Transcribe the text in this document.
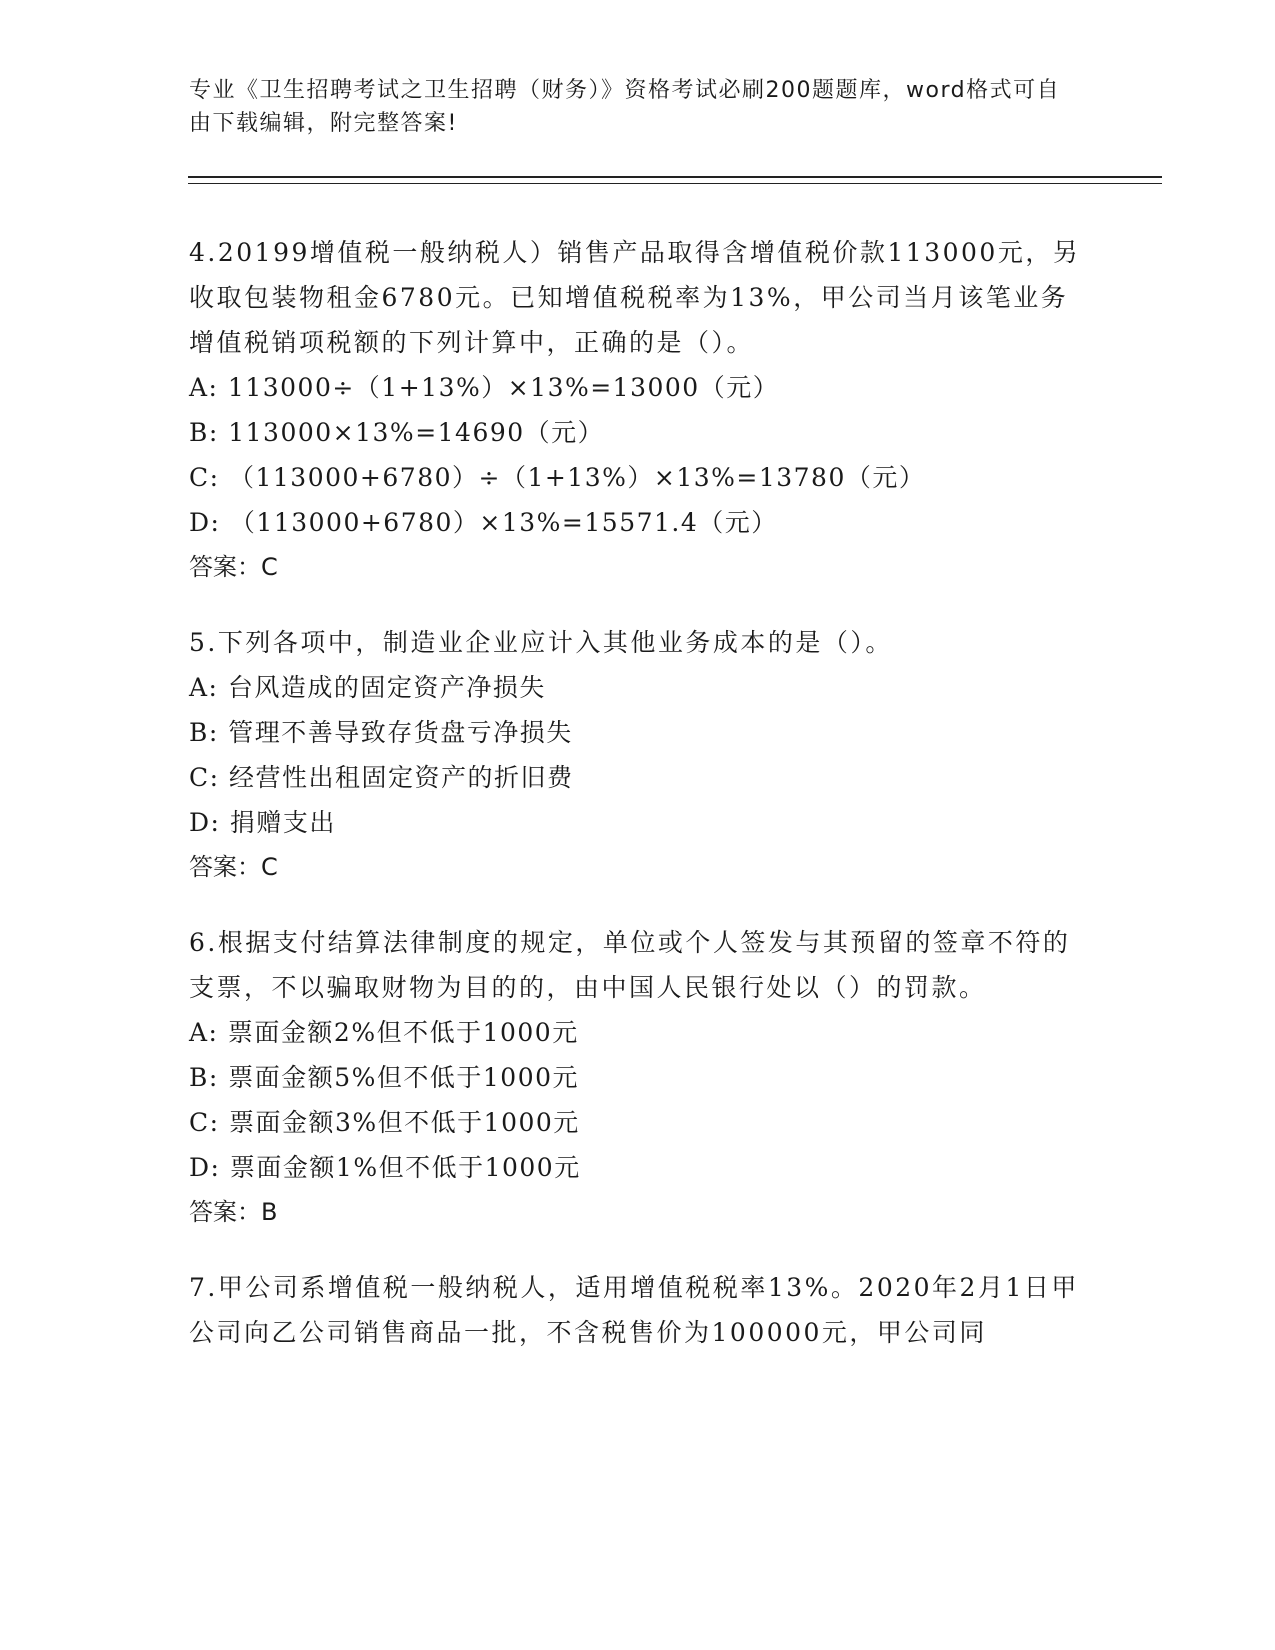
专业《卫生招聘考试之卫生招聘（财务）》资格考试必刷200题题库，word格式可自由下载编辑，附完整答案!
4.20199增值税一般纳税人）销售产品取得含增值税价款113000元，另收取包装物租金6780元。已知增值税税率为13%，甲公司当月该笔业务增值税销项税额的下列计算中，正确的是（）。
A: 113000÷（1+13%）×13%=13000（元）
B: 113000×13%=14690（元）
C: （113000+6780）÷（1+13%）×13%=13780（元）
D: （113000+6780）×13%=15571.4（元）
答案：C
5.下列各项中，制造业企业应计入其他业务成本的是（）。
A: 台风造成的固定资产净损失
B: 管理不善导致存货盘亏净损失
C: 经营性出租固定资产的折旧费
D: 捐赠支出
答案：C
6.根据支付结算法律制度的规定，单位或个人签发与其预留的签章不符的支票，不以骗取财物为目的的，由中国人民银行处以（）的罚款。
A: 票面金额2%但不低于1000元
B: 票面金额5%但不低于1000元
C: 票面金额3%但不低于1000元
D: 票面金额1%但不低于1000元
答案：B
7.甲公司系增值税一般纳税人，适用增值税税率13%。2020年2月1日甲公司向乙公司销售商品一批，不含税售价为100000元，甲公司同
